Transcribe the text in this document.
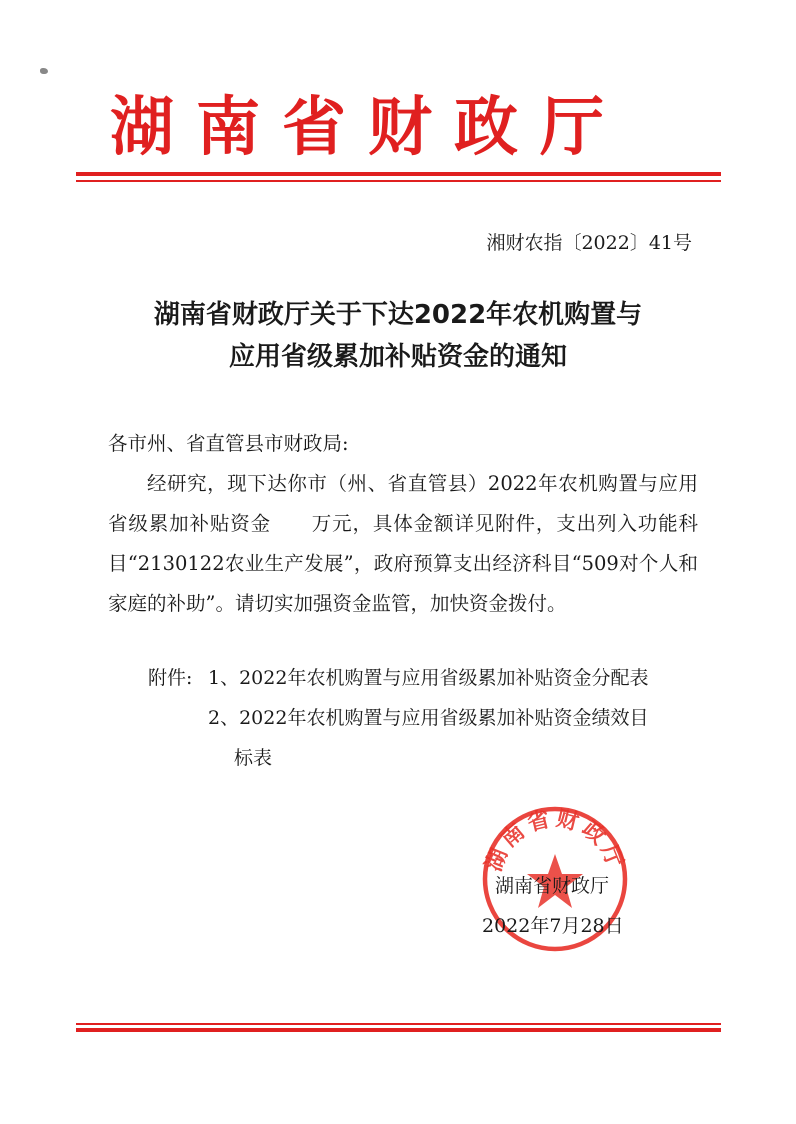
湖南省财政厅
湘财农指〔2022〕41号
湖南省财政厅关于下达2022年农机购置与
应用省级累加补贴资金的通知
各市州、省直管县市财政局:
经研究，现下达你市（州、省直管县）2022年农机购置与应用省级累加补贴资金　　万元，具体金额详见附件，支出列入功能科目“2130122农业生产发展”，政府预算支出经济科目“509对个人和家庭的补助”。请切实加强资金监管，加快资金拨付。
附件: 1、2022年农机购置与应用省级累加补贴资金分配表
2、2022年农机购置与应用省级累加补贴资金绩效目
标表
湖南省财政厅
湖南省财政厅
2022年7月28日
